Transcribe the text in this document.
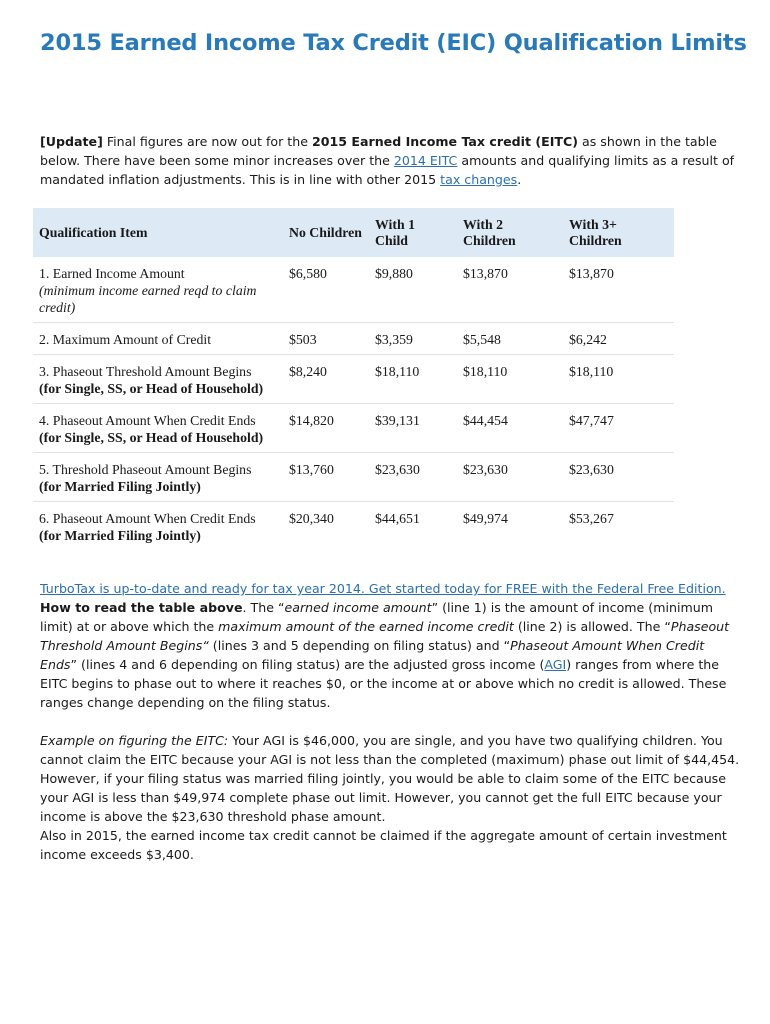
2015 Earned Income Tax Credit (EIC) Qualification Limits

[Update] Final figures are now out for the 2015 Earned Income Tax credit (EITC) as shown in the table below. There have been some minor increases over the 2014 EITC amounts and qualifying limits as a result of mandated inflation adjustments. This is in line with other 2015 tax changes.

Qualification Item	No Children	With 1 Child	With 2 Children	With 3+ Children

1. Earned Income Amount
(minimum income earned reqd to claim credit)	$6,580	$9,880	$13,870	$13,870

2. Maximum Amount of Credit	$503	$3,359	$5,548	$6,242

3. Phaseout Threshold Amount Begins
(for Single, SS, or Head of Household)	$8,240	$18,110	$18,110	$18,110

4. Phaseout Amount When Credit Ends
(for Single, SS, or Head of Household)	$14,820	$39,131	$44,454	$47,747

5. Threshold Phaseout Amount Begins
(for Married Filing Jointly)	$13,760	$23,630	$23,630	$23,630

6. Phaseout Amount When Credit Ends
(for Married Filing Jointly)	$20,340	$44,651	$49,974	$53,267
TurboTax is up-to-date and ready for tax year 2014. Get started today for FREE with the Federal Free Edition.

How to read the table above. The “earned income amount” (line 1) is the amount of income (minimum limit) at or above which the maximum amount of the earned income credit (line 2) is allowed. The “Phaseout Threshold Amount Begins“ (lines 3 and 5 depending on filing status) and “Phaseout Amount When Credit Ends” (lines 4 and 6 depending on filing status) are the adjusted gross income (AGI) ranges from where the EITC begins to phase out to where it reaches $0, or the income at or above which no credit is allowed. These ranges change depending on the filing status.

Example on figuring the EITC: Your AGI is $46,000, you are single, and you have two qualifying children. You cannot claim the EITC because your AGI is not less than the completed (maximum) phase out limit of $44,454. However, if your filing status was married filing jointly, you would be able to claim some of the EITC because your AGI is less than $49,974 complete phase out limit. However, you cannot get the full EITC because your income is above the $23,630 threshold phase amount.

Also in 2015, the earned income tax credit cannot be claimed if the aggregate amount of certain investment income exceeds $3,400.
